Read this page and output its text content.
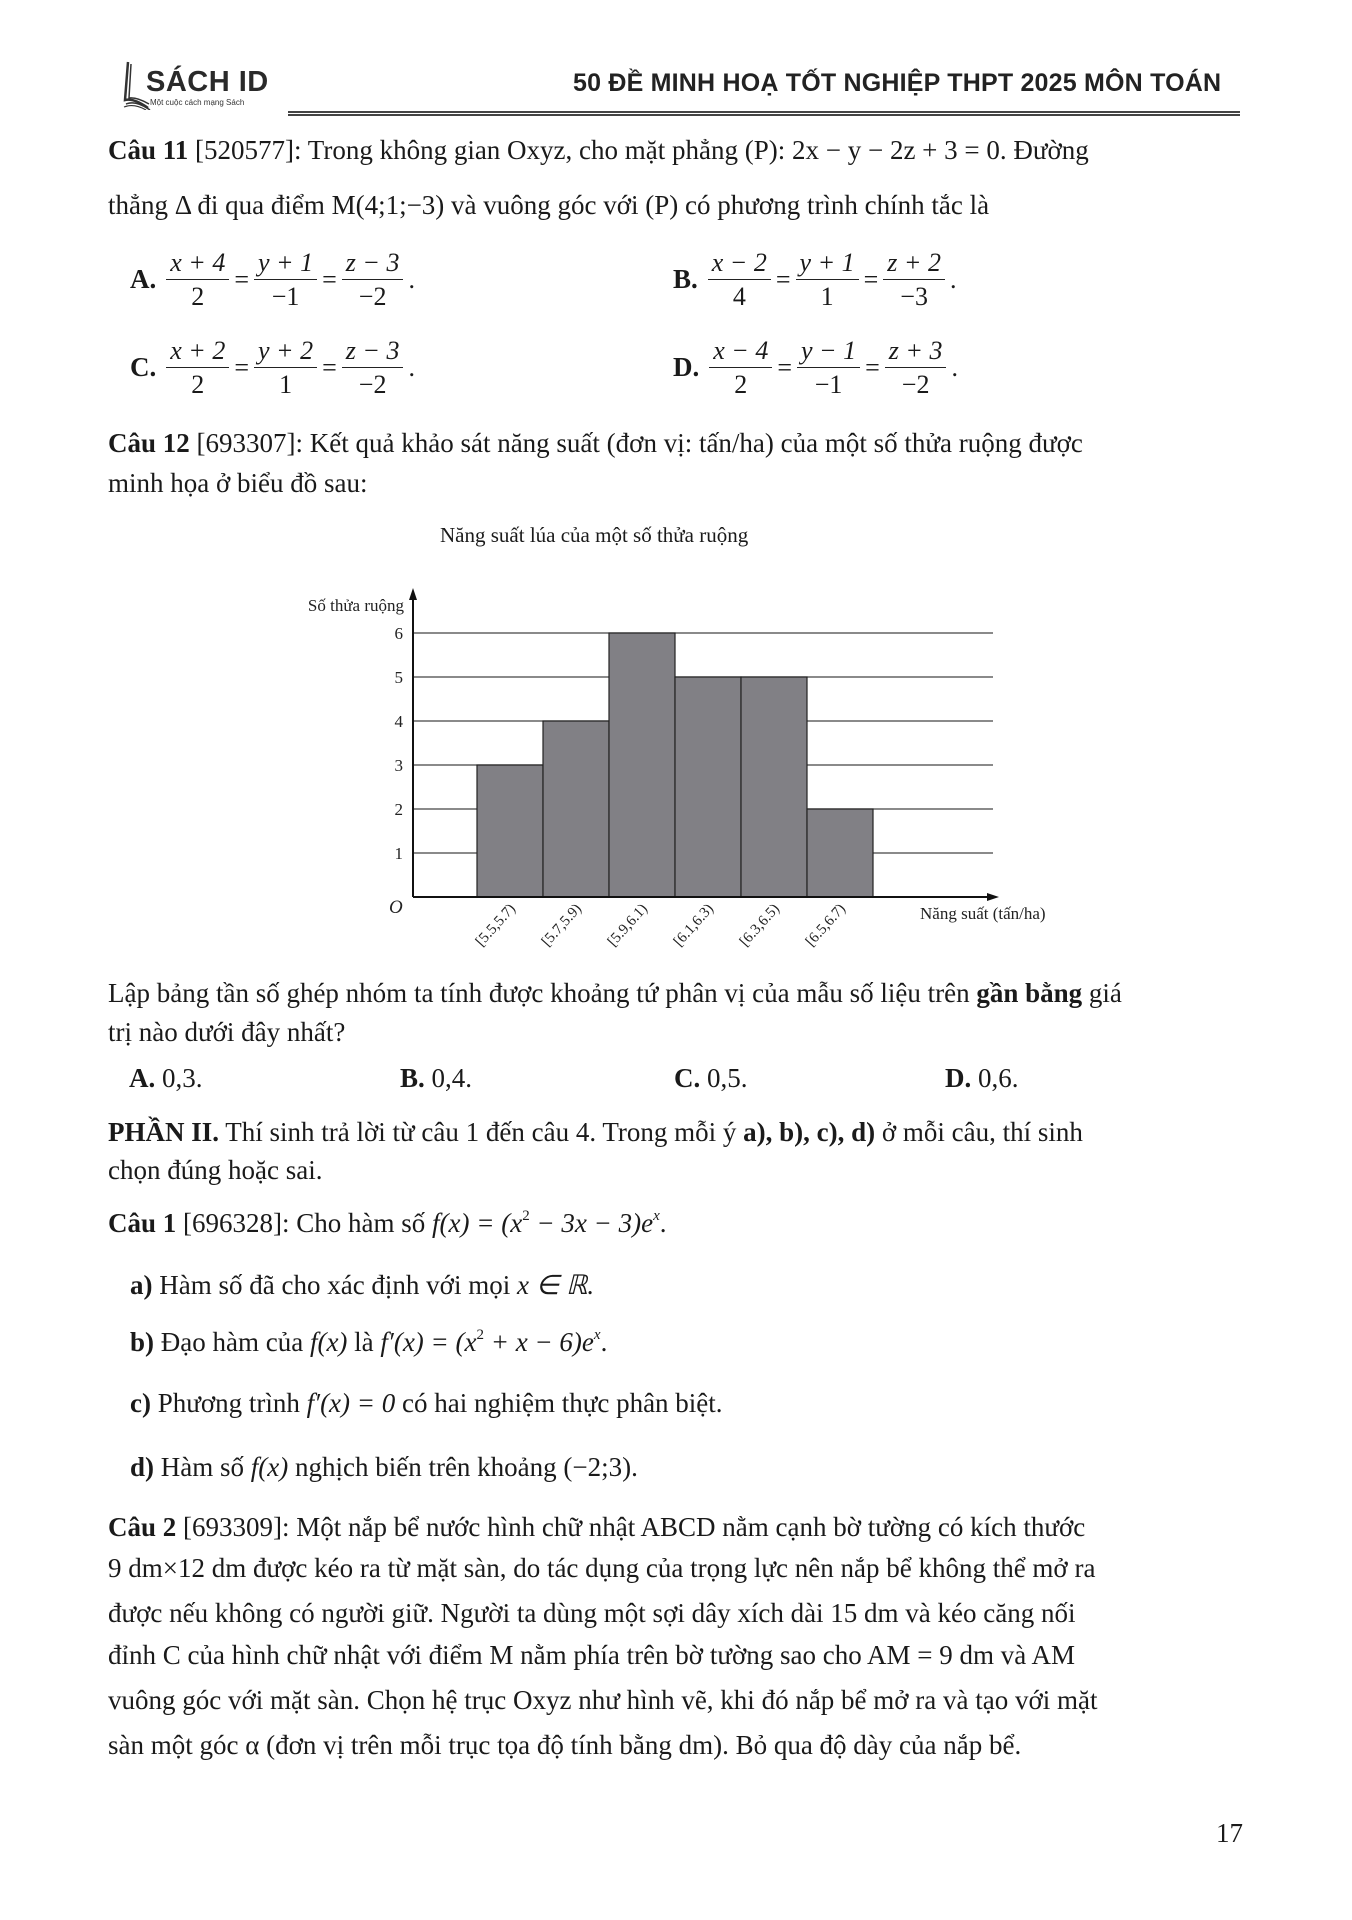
SÁCH ID
Một cuộc cách mạng Sách
50 ĐỀ MINH HOẠ TỐT NGHIỆP THPT 2025 MÔN TOÁN
Câu 11 [520577]: Trong không gian Oxyz, cho mặt phẳng (P): 2x − y − 2z + 3 = 0. Đường
thẳng Δ đi qua điểm M(4;1;−3) và vuông góc với (P) có phương trình chính tắc là
A. $\frac{x + 4}{2} = \frac{y + 1}{-1} = \frac{z - 3}{-2}$ .	B. $\frac{x - 2}{4} = \frac{y + 1}{1} = \frac{z + 2}{-3}$ .
C. $\frac{x + 2}{2} = \frac{y + 2}{1} = \frac{z - 3}{-2}$ .	D. $\frac{x - 4}{2} = \frac{y - 1}{-1} = \frac{z + 3}{-2}$ .
Câu 12 [693307]: Kết quả khảo sát năng suất (đơn vị: tấn/ha) của một số thửa ruộng được
minh họa ở biểu đồ sau:
Năng suất lúa của một số thửa ruộng
1
2
3
4
5
6
[5.5,5.7) [5.7,5.9) [5.9,6.1) [6.1,6.3) [6.3,6.5) [6.5,6.7)
Số thửa ruộng
Năng suất (tấn/ha)
O
Lập bảng tần số ghép nhóm ta tính được khoảng tứ phân vị của mẫu số liệu trên gần bằng giá
trị nào dưới đây nhất?
A. 0,3.	B. 0,4.	C. 0,5.	D. 0,6.
PHẦN II. Thí sinh trả lời từ câu 1 đến câu 4. Trong mỗi ý a), b), c), d) ở mỗi câu, thí sinh
chọn đúng hoặc sai.
Câu 1 [696328]: Cho hàm số $f(x) = (x^2 - 3x - 3)e^x$.
a) Hàm số đã cho xác định với mọi x ∈ ℝ.
b) Đạo hàm của f(x) là $f'(x) = (x^2 + x - 6)e^x$.
c) Phương trình f′(x) = 0 có hai nghiệm thực phân biệt.
d) Hàm số f(x) nghịch biến trên khoảng (−2;3).
Câu 2 [693309]: Một nắp bể nước hình chữ nhật ABCD nằm cạnh bờ tường có kích thước
9 dm×12 dm được kéo ra từ mặt sàn, do tác dụng của trọng lực nên nắp bể không thể mở ra
được nếu không có người giữ. Người ta dùng một sợi dây xích dài 15 dm và kéo căng nối
đỉnh C của hình chữ nhật với điểm M nằm phía trên bờ tường sao cho AM = 9 dm và AM
vuông góc với mặt sàn. Chọn hệ trục Oxyz như hình vẽ, khi đó nắp bể mở ra và tạo với mặt
sàn một góc α (đơn vị trên mỗi trục tọa độ tính bằng dm). Bỏ qua độ dày của nắp bể.
17
